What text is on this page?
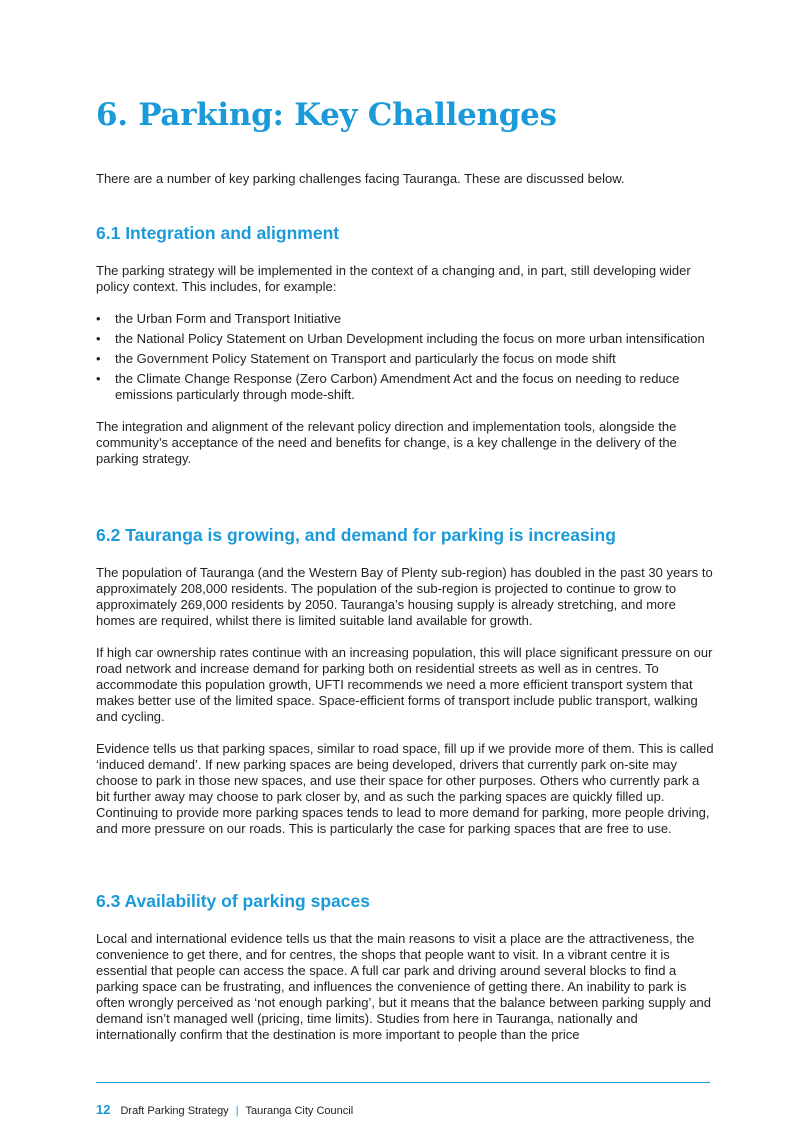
6. Parking: Key Challenges

There are a number of key parking challenges facing Tauranga. These are discussed below.

6.1 Integration and alignment

The parking strategy will be implemented in the context of a changing and, in part, still developing wider policy context. This includes, for example:

•	the Urban Form and Transport Initiative
•	the National Policy Statement on Urban Development including the focus on more urban intensification
•	the Government Policy Statement on Transport and particularly the focus on mode shift
•	the Climate Change Response (Zero Carbon) Amendment Act and the focus on needing to reduce emissions particularly through mode-shift.

The integration and alignment of the relevant policy direction and implementation tools, alongside the community’s acceptance of the need and benefits for change, is a key challenge in the delivery of the parking strategy.

6.2 Tauranga is growing, and demand for parking is increasing

The population of Tauranga (and the Western Bay of Plenty sub-region) has doubled in the past 30 years to approximately 208,000 residents. The population of the sub-region is projected to continue to grow to approximately 269,000 residents by 2050. Tauranga’s housing supply is already stretching, and more homes are required, whilst there is limited suitable land available for growth.

If high car ownership rates continue with an increasing population, this will place significant pressure on our road network and increase demand for parking both on residential streets as well as in centres. To accommodate this population growth, UFTI recommends we need a more efficient transport system that makes better use of the limited space. Space-efficient forms of transport include public transport, walking and cycling.

Evidence tells us that parking spaces, similar to road space, fill up if we provide more of them. This is called ‘induced demand’. If new parking spaces are being developed, drivers that currently park on-site may choose to park in those new spaces, and use their space for other purposes. Others who currently park a bit further away may choose to park closer by, and as such the parking spaces are quickly filled up. Continuing to provide more parking spaces tends to lead to more demand for parking, more people driving, and more pressure on our roads. This is particularly the case for parking spaces that are free to use.

6.3 Availability of parking spaces

Local and international evidence tells us that the main reasons to visit a place are the attractiveness, the convenience to get there, and for centres, the shops that people want to visit. In a vibrant centre it is essential that people can access the space. A full car park and driving around several blocks to find a parking space can be frustrating, and influences the convenience of getting there. An inability to park is often wrongly perceived as ‘not enough parking’, but it means that the balance between parking supply and demand isn’t managed well (pricing, time limits). Studies from here in Tauranga, nationally and internationally confirm that the destination is more important to people than the price

12 Draft Parking Strategy | Tauranga City Council
